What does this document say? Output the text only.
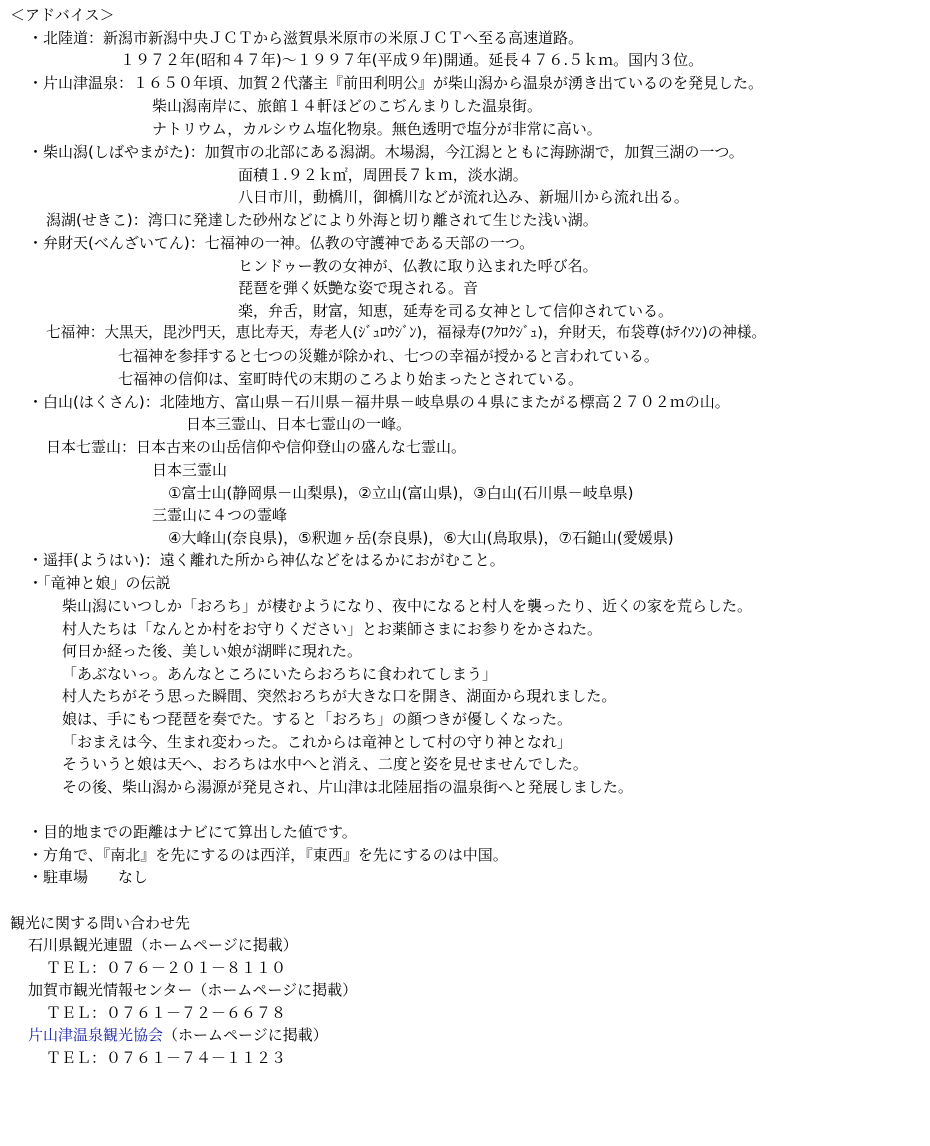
＜アドバイス＞
・北陸道：新潟市新潟中央ＪＣＴから滋賀県米原市の米原ＪＣＴへ至る高速道路。
１９７２年(昭和４７年)～１９９７年(平成９年)開通。延長４７６.５ｋｍ。国内３位。
・片山津温泉：１６５０年頃、加賀２代藩主『前田利明公』が柴山潟から温泉が湧き出ているのを発見した。
柴山潟南岸に、旅館１４軒ほどのこぢんまりした温泉街。
ナトリウム，カルシウム塩化物泉。無色透明で塩分が非常に高い。
・柴山潟(しばやまがた)：加賀市の北部にある潟湖。木場潟，今江潟とともに海跡湖で，加賀三湖の一つ。
面積１.９２ｋ㎡，周囲長７ｋｍ，淡水湖。
八日市川，動橋川，御橋川などが流れ込み、新堀川から流れ出る。
潟湖(せきこ)：湾口に発達した砂州などにより外海と切り離されて生じた浅い湖。
・弁財天(べんざいてん)：七福神の一神。仏教の守護神である天部の一つ。
ヒンドゥー教の女神が、仏教に取り込まれた呼び名。
琵琶を弾く妖艶な姿で現される。音
楽，弁舌，財富，知恵，延寿を司る女神として信仰されている。
七福神：大黒天，毘沙門天，恵比寿天，寿老人(ｼﾞｭﾛｳｼﾞﾝ)，福禄寿(ﾌｸﾛｸｼﾞｭ)，弁財天，布袋尊(ﾎﾃｲｿﾝ)の神様。
七福神を参拝すると七つの災難が除かれ、七つの幸福が授かると言われている。
七福神の信仰は、室町時代の末期のころより始まったとされている。
・白山(はくさん)：北陸地方、富山県－石川県－福井県－岐阜県の４県にまたがる標高２７０２ｍの山。
日本三霊山、日本七霊山の一峰。
日本七霊山：日本古来の山岳信仰や信仰登山の盛んな七霊山。
日本三霊山
①富士山(静岡県－山梨県)，②立山(富山県)，③白山(石川県－岐阜県)
三霊山に４つの霊峰
④大峰山(奈良県)，⑤釈迦ヶ岳(奈良県)，⑥大山(鳥取県)，⑦石鎚山(愛媛県)
・遥拝(ようはい)：遠く離れた所から神仏などをはるかにおがむこと。
・「竜神と娘」の伝説
柴山潟にいつしか「おろち」が棲むようになり、夜中になると村人を襲ったり、近くの家を荒らした。
村人たちは「なんとか村をお守りください」とお薬師さまにお参りをかさねた。
何日か経った後、美しい娘が湖畔に現れた。
「あぶないっ。あんなところにいたらおろちに食われてしまう」
村人たちがそう思った瞬間、突然おろちが大きな口を開き、湖面から現れました。
娘は、手にもつ琵琶を奏でた。すると「おろち」の顔つきが優しくなった。
「おまえは今、生まれ変わった。これからは竜神として村の守り神となれ」
そういうと娘は天へ、おろちは水中へと消え、二度と姿を見せませんでした。
その後、柴山潟から湯源が発見され、片山津は北陸屈指の温泉街へと発展しました。
・目的地までの距離はナビにて算出した値です。
・方角で、『南北』を先にするのは西洋，『東西』を先にするのは中国。
・駐車場　　なし
観光に関する問い合わせ先
石川県観光連盟（ホームページに掲載）
ＴＥＬ：０７６－２０１－８１１０
加賀市観光情報センター（ホームページに掲載）
ＴＥＬ：０７６１－７２－６６７８
片山津温泉観光協会（ホームページに掲載）
ＴＥＬ：０７６１－７４－１１２３
